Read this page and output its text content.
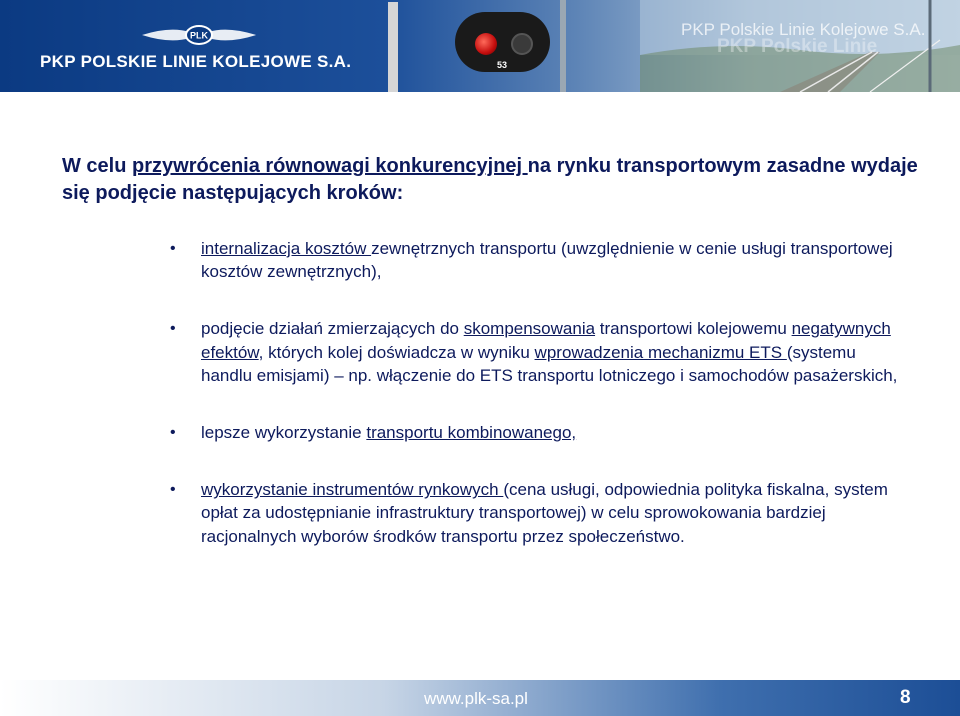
PLK
PKP POLSKIE LINIE KOLEJOWE S.A.	53
PKP Polskie Linie Kolejowe S.A.
PKP Polskie Linie
W celu przywrócenia równowagi konkurencyjnej na rynku transportowym zasadne wydaje się podjęcie następujących kroków:
• internalizacja kosztów zewnętrznych transportu (uwzględnienie w cenie usługi transportowej kosztów zewnętrznych),
• podjęcie działań zmierzających do skompensowania transportowi kolejowemu negatywnych efektów, których kolej doświadcza w wyniku wprowadzenia mechanizmu ETS (systemu handlu emisjami) – np. włączenie do ETS transportu lotniczego i samochodów pasażerskich,
• lepsze wykorzystanie transportu kombinowanego,
• wykorzystanie instrumentów rynkowych (cena usługi, odpowiednia polityka fiskalna, system opłat za udostępnianie infrastruktury transportowej) w celu sprowokowania bardziej racjonalnych wyborów środków transportu przez społeczeństwo.
www.plk-sa.pl	8
